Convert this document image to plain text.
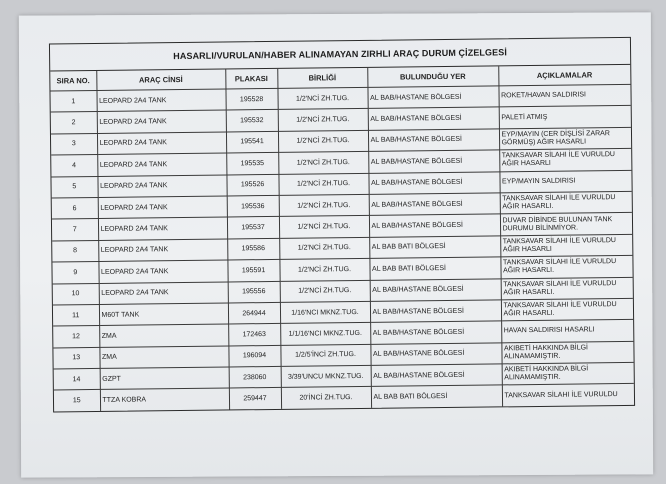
HASARLI/VURULAN/HABER ALINAMAYAN ZIRHLI ARAÇ DURUM ÇİZELGESİ
SIRA NO.	ARAÇ CİNSİ	PLAKASI	BİRLİĞİ	BULUNDUĞU YER	AÇIKLAMALAR
1	LEOPARD 2A4 TANK	195528	1/2'NCİ ZH.TUG.	AL BAB/HASTANE BÖLGESİ	ROKET/HAVAN SALDIRISI
2	LEOPARD 2A4 TANK	195532	1/2'NCİ ZH.TUG.	AL BAB/HASTANE BÖLGESİ	PALETİ ATMIŞ
3	LEOPARD 2A4 TANK	195541	1/2'NCİ ZH.TUG.	AL BAB/HASTANE BÖLGESİ	EYP/MAYIN (CER DİŞLİSİ ZARAR GÖRMÜŞ) AĞIR HASARLI
4	LEOPARD 2A4 TANK	195535	1/2'NCİ ZH.TUG.	AL BAB/HASTANE BÖLGESİ	TANKSAVAR SİLAHI İLE VURULDU AĞIR HASARLI
5	LEOPARD 2A4 TANK	195526	1/2'NCİ ZH.TUG.	AL BAB/HASTANE BÖLGESİ	EYP/MAYIN SALDIRISI
6	LEOPARD 2A4 TANK	195536	1/2'NCİ ZH.TUG.	AL BAB/HASTANE BÖLGESİ	TANKSAVAR SİLAHI İLE VURULDU AĞIR HASARLI.
7	LEOPARD 2A4 TANK	195537	1/2'NCİ ZH.TUG.	AL BAB/HASTANE BÖLGESİ	DUVAR DİBİNDE BULUNAN TANK DURUMU BİLİNMİYOR.
8	LEOPARD 2A4 TANK	195586	1/2'NCİ ZH.TUG.	AL BAB BATI BÖLGESİ	TANKSAVAR SİLAHI İLE VURULDU AĞIR HASARLI
9	LEOPARD 2A4 TANK	195591	1/2'NCİ ZH.TUG.	AL BAB BATI BÖLGESİ	TANKSAVAR SİLAHI İLE VURULDU AĞIR HASARLI.
10	LEOPARD 2A4 TANK	195556	1/2'NCİ ZH.TUG.	AL BAB/HASTANE BÖLGESİ	TANKSAVAR SİLAHI İLE VURULDU AĞIR HASARLI.
11	M60T TANK	264944	1/16'NCI MKNZ.TUG.	AL BAB/HASTANE BÖLGESİ	TANKSAVAR SİLAHI İLE VURULDU AĞIR HASARLI.
12	ZMA	172463	1/1/16'NCI MKNZ.TUG.	AL BAB/HASTANE BÖLGESİ	HAVAN SALDIRISI HASARLI
13	ZMA	196094	1/2/5'İNCİ ZH.TUG.	AL BAB/HASTANE BÖLGESİ	AKIBETİ HAKKINDA BİLGİ ALINAMAMIŞTIR.
14	GZPT	238060	3/39'UNCU MKNZ.TUG.	AL BAB/HASTANE BÖLGESİ	AKIBETİ HAKKINDA BİLGİ ALINAMAMIŞTIR.
15	TTZA KOBRA	259447	20'İNCİ ZH.TUG.	AL BAB BATI BÖLGESİ	TANKSAVAR SİLAHI İLE VURULDU
